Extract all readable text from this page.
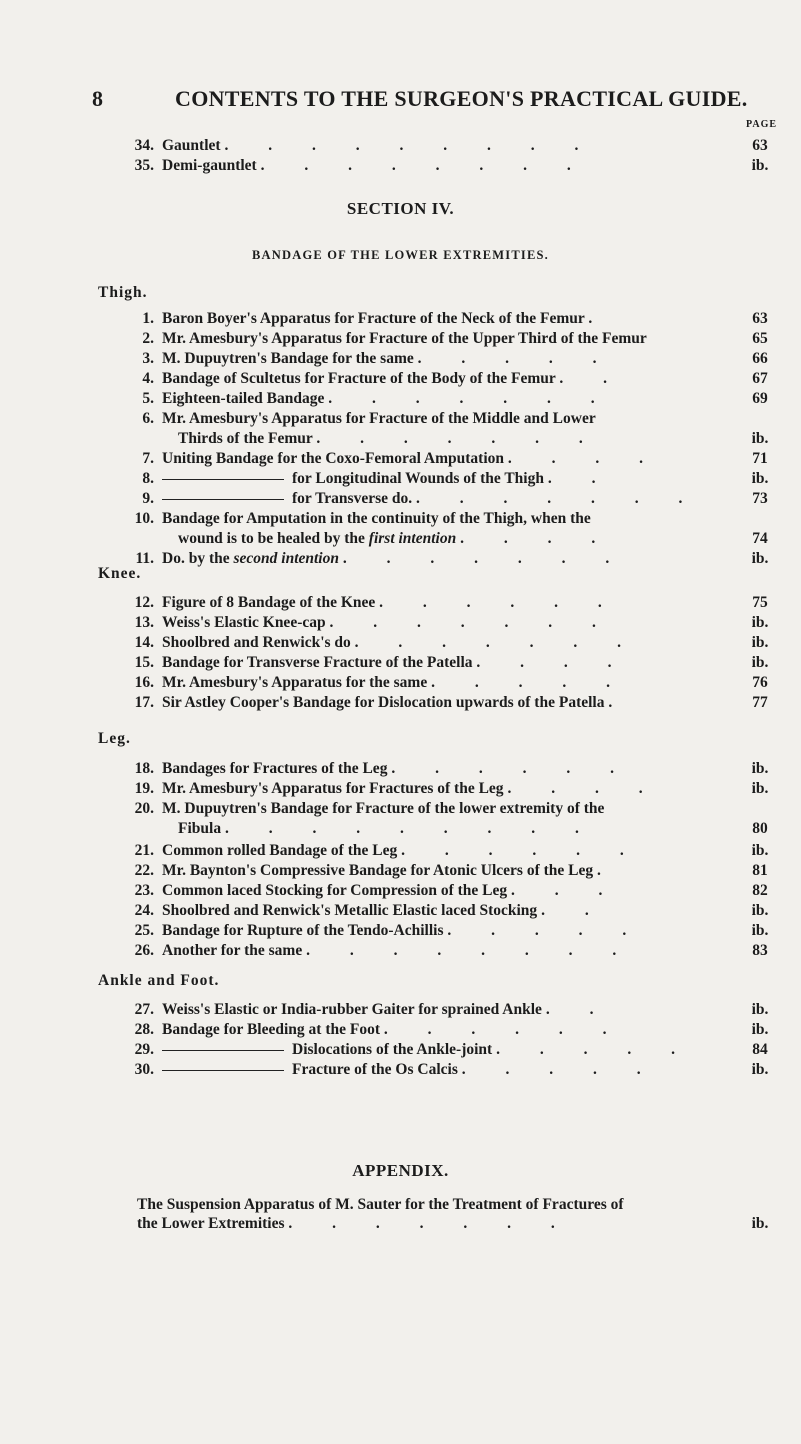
8	CONTENTS TO THE SURGEON'S PRACTICAL GUIDE.
PAGE
34. Gauntlet . . . . . . . . .	63
35. Demi-gauntlet . . . . . . . .	ib.
SECTION IV.
BANDAGE OF THE LOWER EXTREMITIES.
Thigh.
1. Baron Boyer's Apparatus for Fracture of the Neck of the Femur .	63
2. Mr. Amesbury's Apparatus for Fracture of the Upper Third of the Femur	65
3. M. Dupuytren's Bandage for the same . . . . .	66
4. Bandage of Scultetus for Fracture of the Body of the Femur . .	67
5. Eighteen-tailed Bandage . . . . . . .	69
6. Mr. Amesbury's Apparatus for Fracture of the Middle and Lower
Thirds of the Femur . . . . . . .	ib.
7. Uniting Bandage for the Coxo-Femoral Amputation . . . .	71
8.	for Longitudinal Wounds of the Thigh . .	ib.
9.	for Transverse do. . . . . . . .	73
10. Bandage for Amputation in the continuity of the Thigh, when the
wound is to be healed by the first intention . . . .	74
11. Do. by the second intention . . . . . . .	ib.
Knee.
12. Figure of 8 Bandage of the Knee . . . . . .	75
13. Weiss's Elastic Knee-cap . . . . . . .	ib.
14. Shoolbred and Renwick's do . . . . . . .	ib.
15. Bandage for Transverse Fracture of the Patella . . . .	ib.
16. Mr. Amesbury's Apparatus for the same . . . . .	76
17. Sir Astley Cooper's Bandage for Dislocation upwards of the Patella .	77
Leg.
18. Bandages for Fractures of the Leg . . . . . .	ib.
19. Mr. Amesbury's Apparatus for Fractures of the Leg . . . .	ib.
20. M. Dupuytren's Bandage for Fracture of the lower extremity of the
Fibula . . . . . . . . .	80
21. Common rolled Bandage of the Leg . . . . . .	ib.
22. Mr. Baynton's Compressive Bandage for Atonic Ulcers of the Leg .	81
23. Common laced Stocking for Compression of the Leg . . .	82
24. Shoolbred and Renwick's Metallic Elastic laced Stocking . .	ib.
25. Bandage for Rupture of the Tendo-Achillis . . . . .	ib.
26. Another for the same . . . . . . . .	83
Ankle and Foot.
27. Weiss's Elastic or India-rubber Gaiter for sprained Ankle . .	ib.
28. Bandage for Bleeding at the Foot . . . . . .	ib.
29.	Dislocations of the Ankle-joint . . . . .	84
30.	Fracture of the Os Calcis . . . . .	ib.
APPENDIX.
The Suspension Apparatus of M. Sauter for the Treatment of Fractures of
the Lower Extremities . . . . . . .	ib.
